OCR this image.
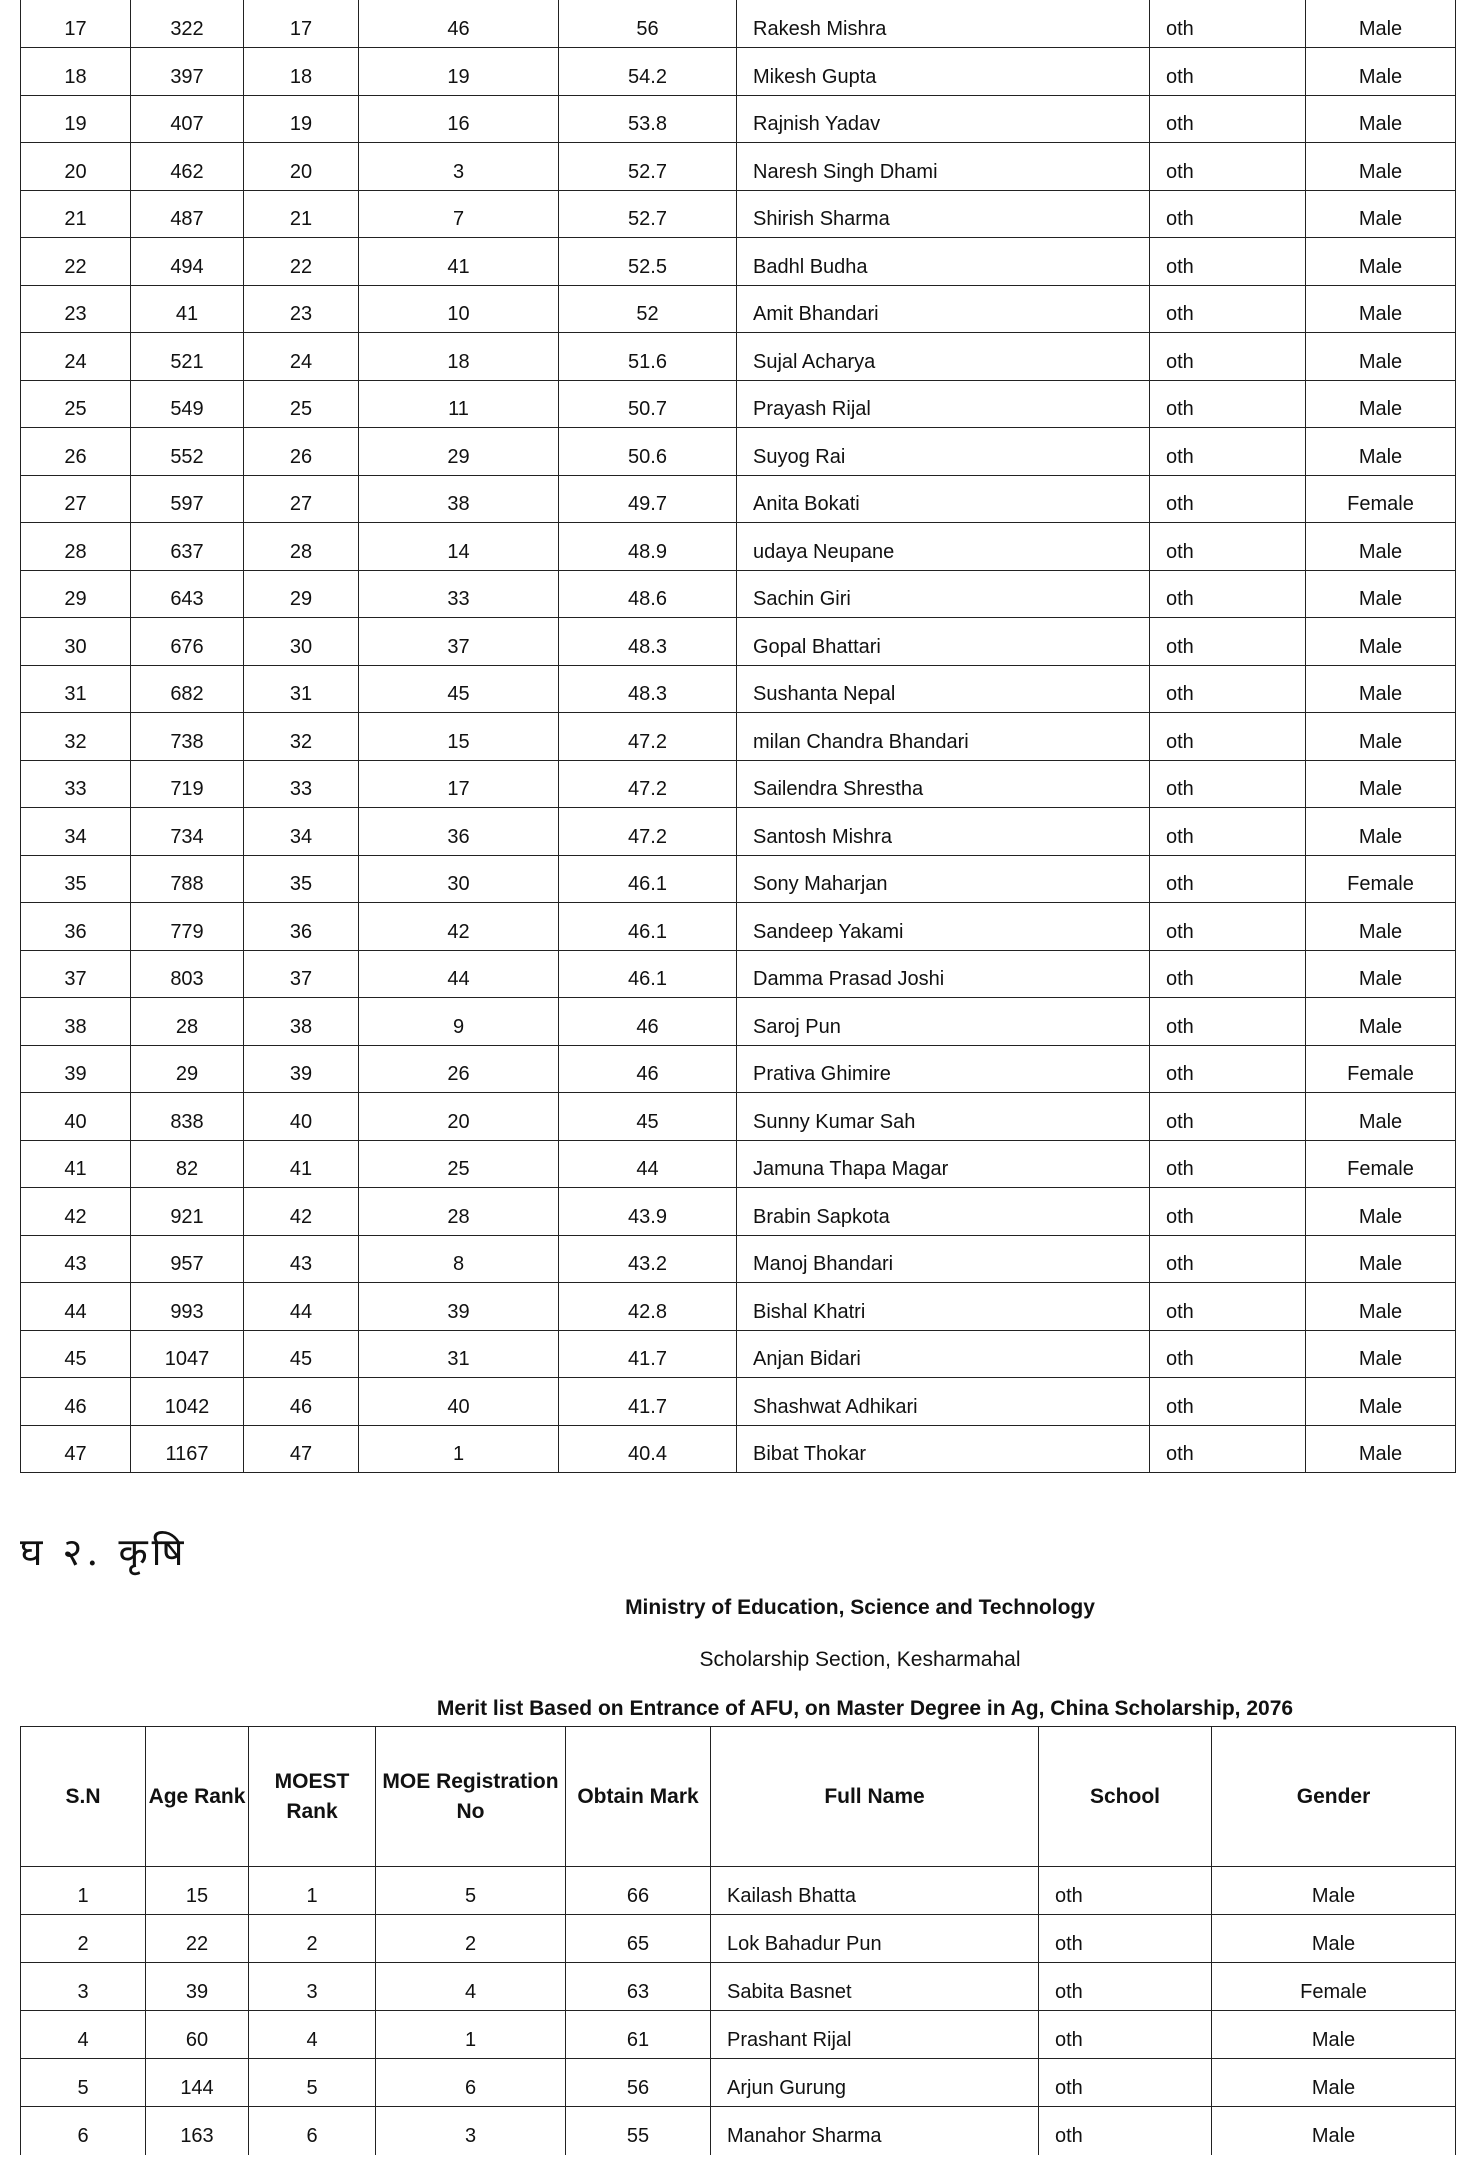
17	322	17	46	56	Rakesh Mishra	oth	Male
18	397	18	19	54.2	Mikesh Gupta	oth	Male
19	407	19	16	53.8	Rajnish Yadav	oth	Male
20	462	20	3	52.7	Naresh Singh Dhami	oth	Male
21	487	21	7	52.7	Shirish Sharma	oth	Male
22	494	22	41	52.5	Badhl Budha	oth	Male
23	41	23	10	52	Amit Bhandari	oth	Male
24	521	24	18	51.6	Sujal Acharya	oth	Male
25	549	25	11	50.7	Prayash Rijal	oth	Male
26	552	26	29	50.6	Suyog Rai	oth	Male
27	597	27	38	49.7	Anita Bokati	oth	Female
28	637	28	14	48.9	udaya Neupane	oth	Male
29	643	29	33	48.6	Sachin Giri	oth	Male
30	676	30	37	48.3	Gopal Bhattari	oth	Male
31	682	31	45	48.3	Sushanta Nepal	oth	Male
32	738	32	15	47.2	milan Chandra Bhandari	oth	Male
33	719	33	17	47.2	Sailendra Shrestha	oth	Male
34	734	34	36	47.2	Santosh Mishra	oth	Male
35	788	35	30	46.1	Sony Maharjan	oth	Female
36	779	36	42	46.1	Sandeep Yakami	oth	Male
37	803	37	44	46.1	Damma Prasad Joshi	oth	Male
38	28	38	9	46	Saroj Pun	oth	Male
39	29	39	26	46	Prativa Ghimire	oth	Female
40	838	40	20	45	Sunny Kumar Sah	oth	Male
41	82	41	25	44	Jamuna Thapa Magar	oth	Female
42	921	42	28	43.9	Brabin Sapkota	oth	Male
43	957	43	8	43.2	Manoj Bhandari	oth	Male
44	993	44	39	42.8	Bishal Khatri	oth	Male
45	1047	45	31	41.7	Anjan Bidari	oth	Male
46	1042	46	40	41.7	Shashwat Adhikari	oth	Male
47	1167	47	1	40.4	Bibat Thokar	oth	Male
घ २. कृषि
Ministry of Education, Science and Technology
Scholarship Section, Kesharmahal
Merit list Based on Entrance of AFU, on Master Degree in Ag, China Scholarship, 2076
S.N	Age Rank	MOEST Rank	MOE Registration No	Obtain Mark	Full Name	School	Gender
1	15	1	5	66	Kailash Bhatta	oth	Male
2	22	2	2	65	Lok Bahadur Pun	oth	Male
3	39	3	4	63	Sabita Basnet	oth	Female
4	60	4	1	61	Prashant Rijal	oth	Male
5	144	5	6	56	Arjun Gurung	oth	Male
6	163	6	3	55	Manahor Sharma	oth	Male
